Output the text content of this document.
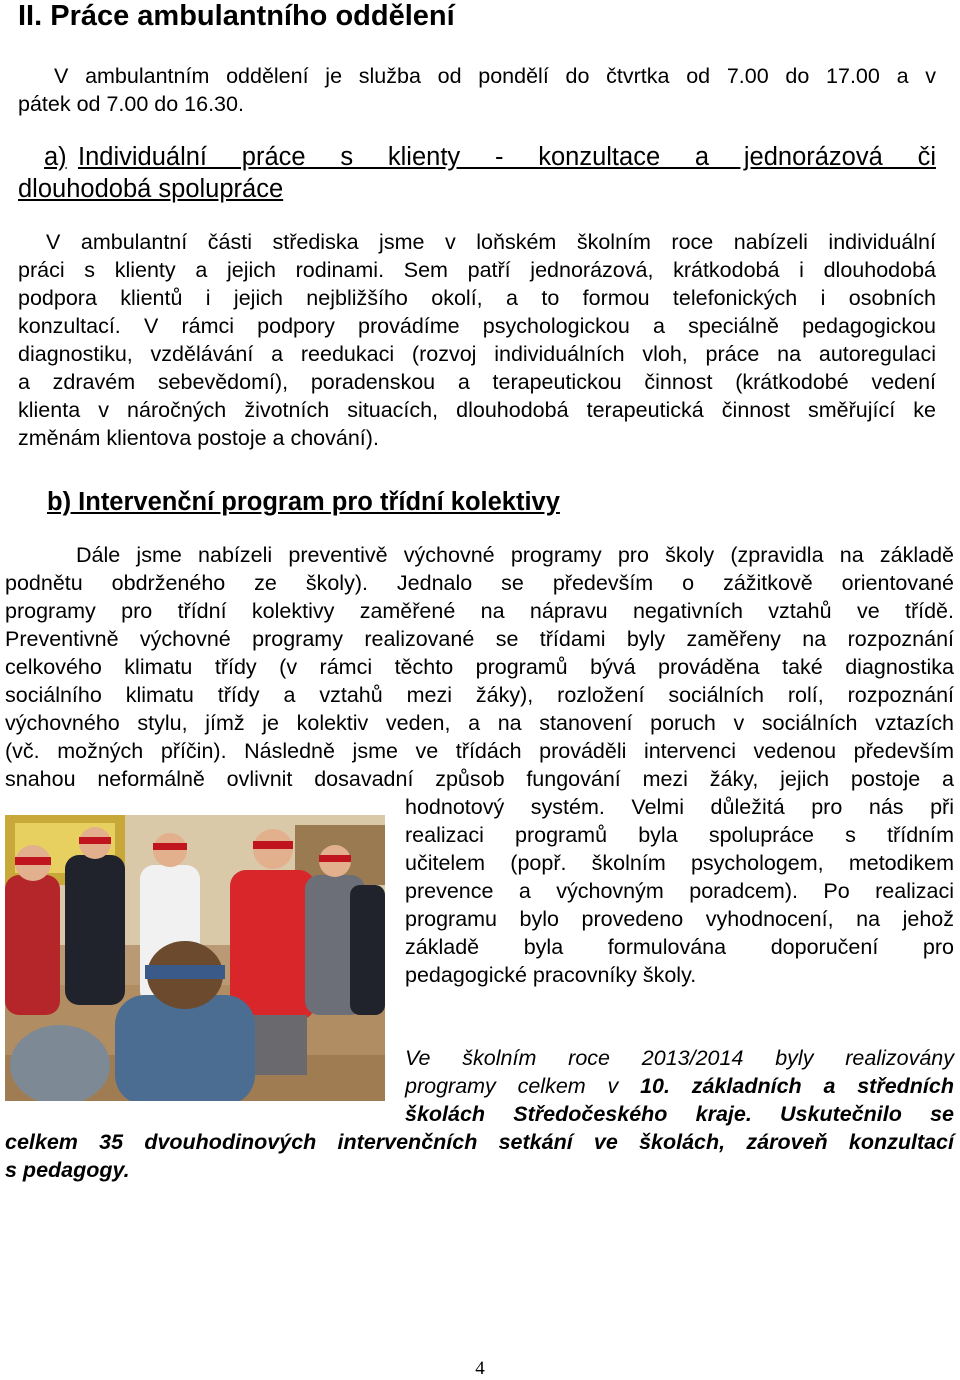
II. Práce ambulantního oddělení
V ambulantním oddělení je služba od pondělí do čtvrtka od 7.00 do 17.00 a v
pátek od 7.00 do 16.30.
a) Individuální práce s klienty - konzultace a jednorázová či
dlouhodobá spolupráce
V ambulantní části střediska jsme v loňském školním roce nabízeli individuální
práci s klienty a jejich rodinami. Sem patří jednorázová, krátkodobá i dlouhodobá
podpora klientů i jejich nejbližšího okolí, a to formou telefonických i osobních
konzultací. V rámci podpory provádíme psychologickou a speciálně pedagogickou
diagnostiku, vzdělávání a reedukaci (rozvoj individuálních vloh, práce na autoregulaci
a zdravém sebevědomí), poradenskou a terapeutickou činnost (krátkodobé vedení
klienta v náročných životních situacích, dlouhodobá terapeutická činnost směřující ke
změnám klientova postoje a chování).
b) Intervenční program pro třídní kolektivy
Dále jsme nabízeli preventivě výchovné programy pro školy (zpravidla na základě
podnětu obdrženého ze školy). Jednalo se především o zážitkově orientované
programy pro třídní kolektivy zaměřené na nápravu negativních vztahů ve třídě.
Preventivně výchovné programy realizované se třídami byly zaměřeny na rozpoznání
celkového klimatu třídy (v rámci těchto programů bývá prováděna také diagnostika
sociálního klimatu třídy a vztahů mezi žáky), rozložení sociálních rolí, rozpoznání
výchovného stylu, jímž je kolektiv veden, a na stanovení poruch v sociálních vztazích
(vč. možných příčin). Následně jsme ve třídách prováděli intervenci vedenou především
snahou neformálně ovlivnit dosavadní způsob fungování mezi žáky, jejich postoje a
hodnotový systém. Velmi důležitá pro nás při
realizaci programů byla spolupráce s třídním
učitelem (popř. školním psychologem, metodikem
prevence a výchovným poradcem). Po realizaci
programu bylo provedeno vyhodnocení, na jehož
základě byla formulována doporučení pro
pedagogické pracovníky školy.
Ve školním roce 2013/2014 byly realizovány
programy celkem v 10. základních a středních
školách Středočeského kraje. Uskutečnilo se
celkem 35 dvouhodinových intervenčních setkání ve školách, zároveň konzultací
s pedagogy.
4
